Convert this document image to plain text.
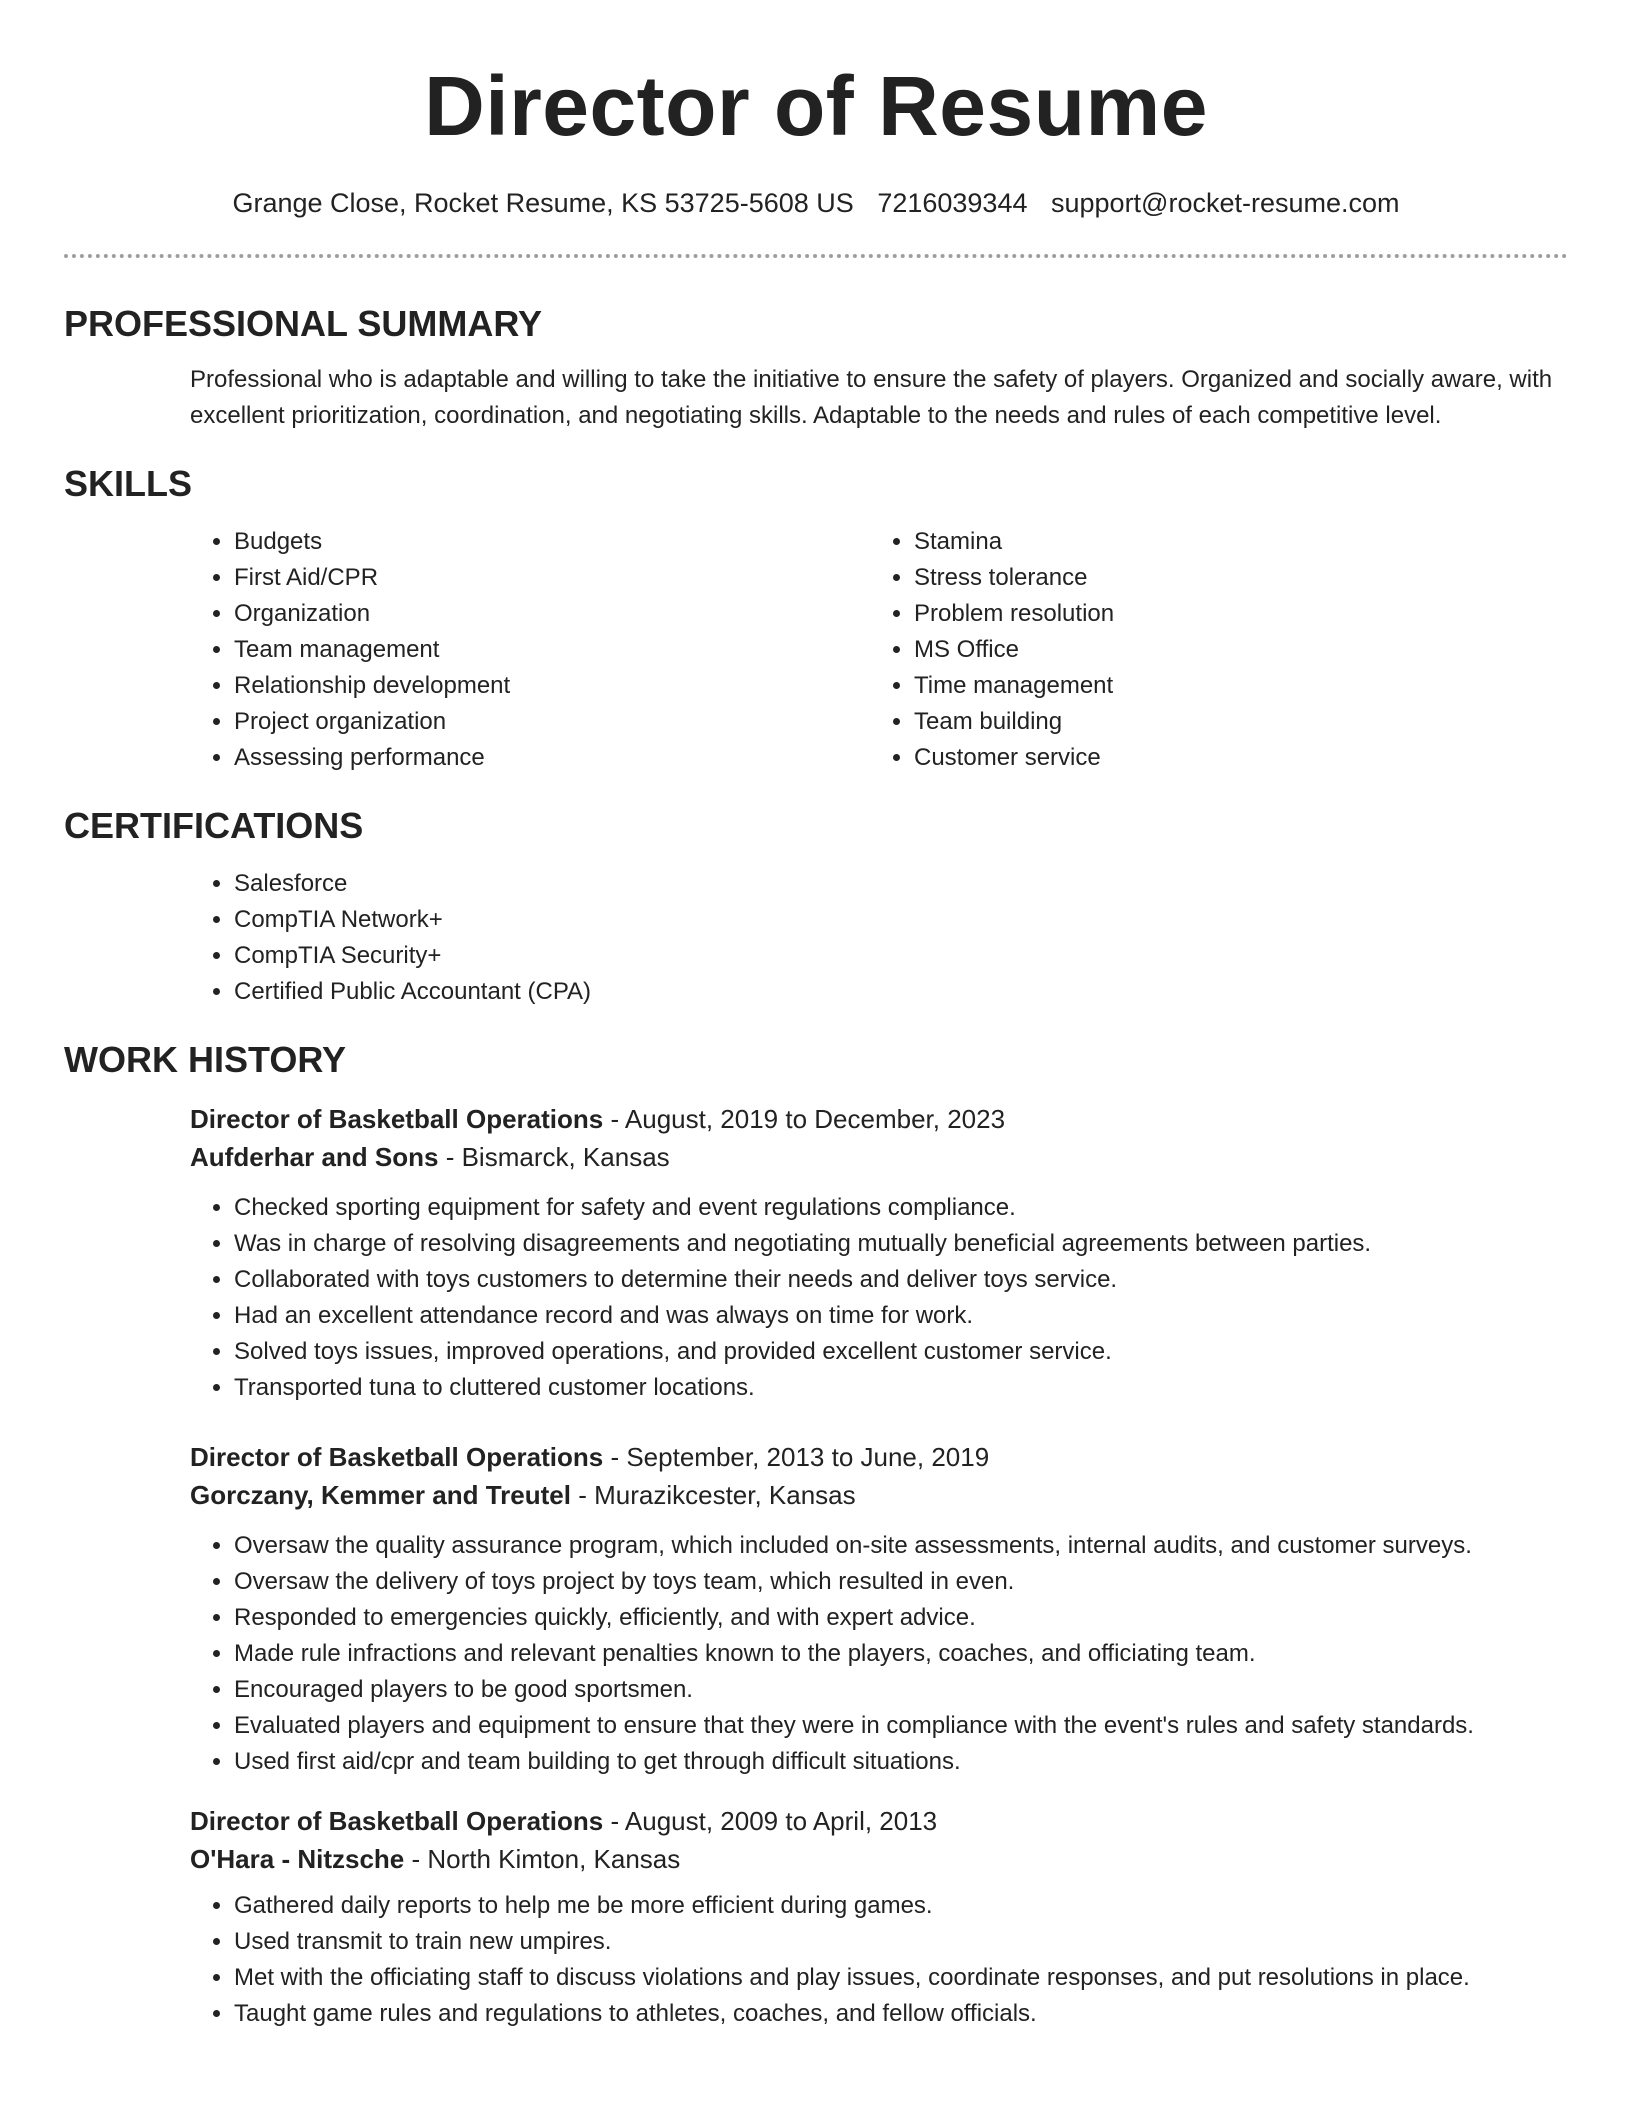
Director of Resume
Grange Close, Rocket Resume, KS 53725-5608 US 7216039344 support@rocket-resume.com
PROFESSIONAL SUMMARY

Professional who is adaptable and willing to take the initiative to ensure the safety of players. Organized and socially aware, with excellent prioritization, coordination, and negotiating skills. Adaptable to the needs and rules of each competitive level.

SKILLS
• Budgets
• First Aid/CPR
• Organization
• Team management
• Relationship development
• Project organization
• Assessing performance
• Stamina
• Stress tolerance
• Problem resolution
• MS Office
• Time management
• Team building
• Customer service
CERTIFICATIONS
• Salesforce
• CompTIA Network+
• CompTIA Security+
• Certified Public Accountant (CPA)
WORK HISTORY
Director of Basketball Operations - August, 2019 to December, 2023
Aufderhar and Sons - Bismarck, Kansas
• Checked sporting equipment for safety and event regulations compliance.
• Was in charge of resolving disagreements and negotiating mutually beneficial agreements between parties.
• Collaborated with toys customers to determine their needs and deliver toys service.
• Had an excellent attendance record and was always on time for work.
• Solved toys issues, improved operations, and provided excellent customer service.
• Transported tuna to cluttered customer locations.
Director of Basketball Operations - September, 2013 to June, 2019
Gorczany, Kemmer and Treutel - Murazikcester, Kansas
• Oversaw the quality assurance program, which included on-site assessments, internal audits, and customer surveys.
• Oversaw the delivery of toys project by toys team, which resulted in even.
• Responded to emergencies quickly, efficiently, and with expert advice.
• Made rule infractions and relevant penalties known to the players, coaches, and officiating team.
• Encouraged players to be good sportsmen.
• Evaluated players and equipment to ensure that they were in compliance with the event's rules and safety standards.
• Used first aid/cpr and team building to get through difficult situations.
Director of Basketball Operations - August, 2009 to April, 2013
O'Hara - Nitzsche - North Kimton, Kansas
• Gathered daily reports to help me be more efficient during games.
• Used transmit to train new umpires.
• Met with the officiating staff to discuss violations and play issues, coordinate responses, and put resolutions in place.
• Taught game rules and regulations to athletes, coaches, and fellow officials.
